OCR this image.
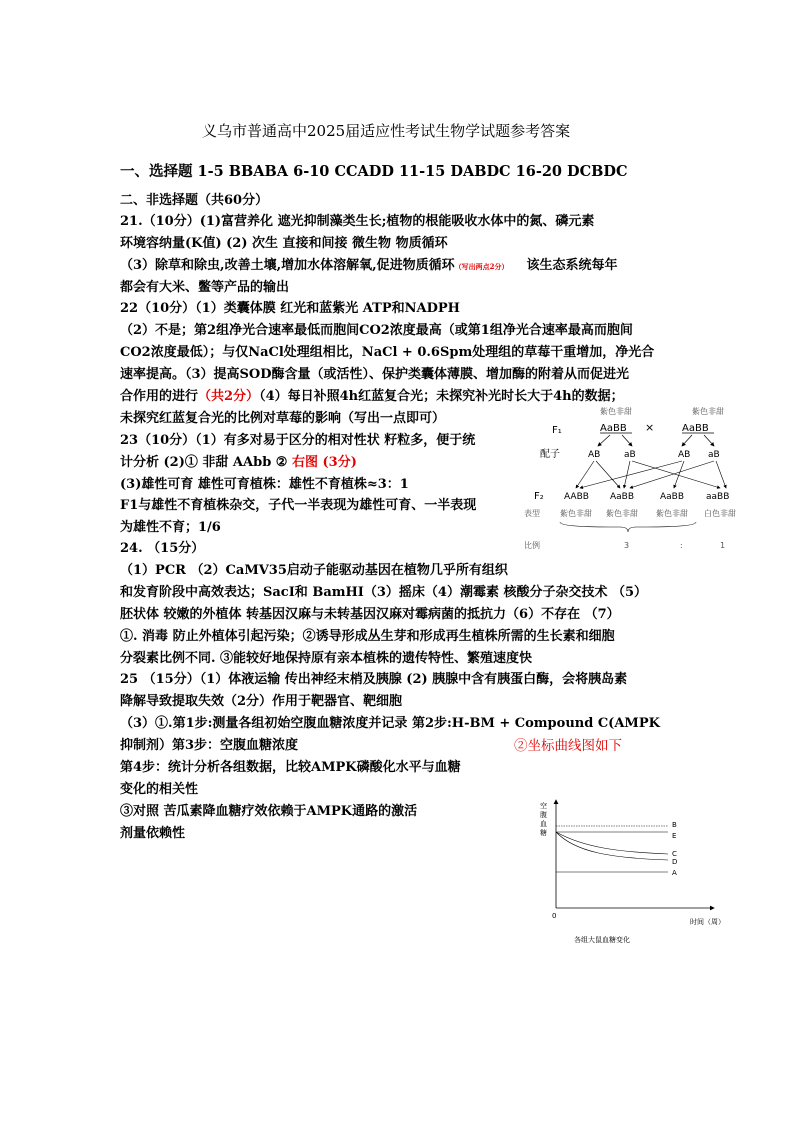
义乌市普通高中2025届适应性考试生物学试题参考答案
一、选择题 1-5 BBABA 6-10 CCADD 11-15 DABDC 16-20 DCBDC
二、非选择题（共60分）
21.（10分）(1)富营养化 遮光抑制藻类生长;植物的根能吸收水体中的氮、磷元素
环境容纳量(K值) (2) 次生 直接和间接 微生物 物质循环
（3）除草和除虫,改善土壤,增加水体溶解氧,促进物质循环（写出两点2分） 该生态系统每年
都会有大米、鳖等产品的输出
22（10分）（1）类囊体膜 红光和蓝紫光 ATP和NADPH
（2）不是；第2组净光合速率最低而胞间CO2浓度最高（或第1组净光合速率最高而胞间
CO2浓度最低）；与仅NaCl处理组相比，NaCl + 0.6Spm处理组的草莓干重增加，净光合
速率提高。（3）提高SOD酶含量（或活性）、保护类囊体薄膜、增加酶的附着从而促进光
合作用的进行（共2分）（4）每日补照4h红蓝复合光；未探究补光时长大于4h的数据；
未探究红蓝复合光的比例对草莓的影响（写出一点即可）
23（10分）（1）有多对易于区分的相对性状 籽粒多，便于统
计分析 (2)① 非甜 AAbb ② 右图 (3分)
(3)雄性可育 雄性可育植株：雄性不育植株≈3：1
F1与雄性不育植株杂交，子代一半表现为雄性可育、一半表现
为雄性不育；1/6
24. （15分）
（1）PCR （2）CaMV35启动子能驱动基因在植物几乎所有组织
和发育阶段中高效表达；SacⅠ和 BamHⅠ（3）摇床（4）潮霉素 核酸分子杂交技术 （5）
胚状体 较嫩的外植体 转基因汉麻与未转基因汉麻对霉病菌的抵抗力（6）不存在 （7）
①. 消毒 防止外植体引起污染；②诱导形成丛生芽和形成再生植株所需的生长素和细胞
分裂素比例不同. ③能较好地保持原有亲本植株的遗传特性、繁殖速度快
25 （15分）（1）体液运输 传出神经末梢及胰腺 (2) 胰腺中含有胰蛋白酶，会将胰岛素
降解导致提取失效（2分）作用于靶器官、靶细胞
（3）①.第1步:测量各组初始空腹血糖浓度并记录 第2步:H-BM + Compound C(AMPK
抑制剂）第3步：空腹血糖浓度	②坐标曲线图如下
第4步：统计分析各组数据，比较AMPK磷酸化水平与血糖
变化的相关性
③对照 苦瓜素降血糖疗效依赖于AMPK通路的激活
剂量依赖性
紫色非甜	紫色非甜
F₁	AaBB ×	AaBB
配子	AB	aB	AB aB
F₂ AABB AaBB	AaBB aaBB
表型	紫色非甜 紫色非甜 紫色非甜 白色非甜
比例	3	:	1
空
腹
血
糖
0
B
E
C
D
A
时间（周）
各组大鼠血糖变化
